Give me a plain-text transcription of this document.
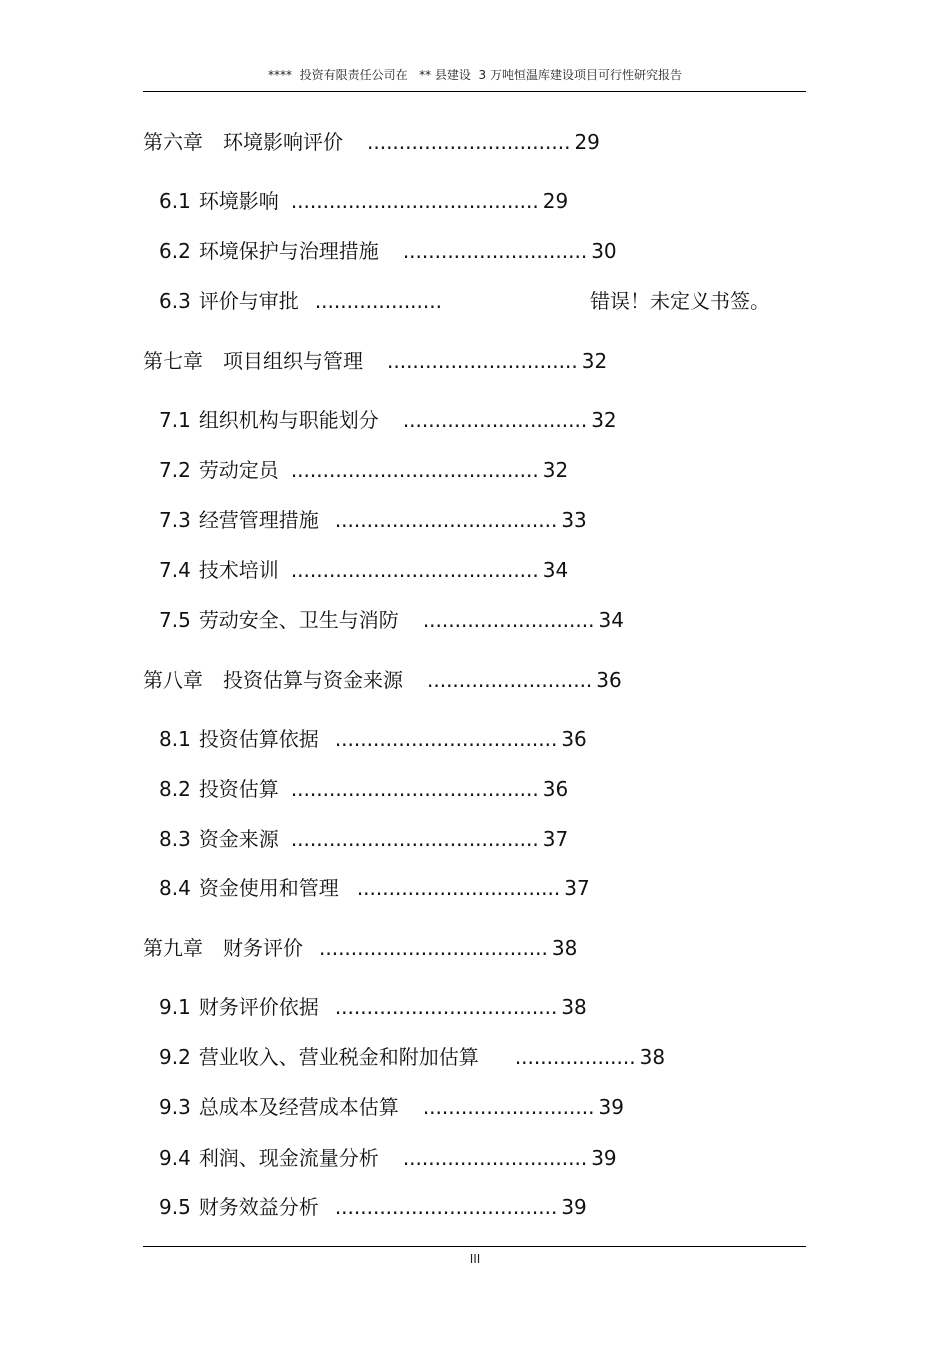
****  投资有限责任公司在   ** 县建设  3 万吨恒温库建设项目可行性研究报告
第六章 环境影响评价 ................................ 29
6.1 环境影响 ....................................... 29
6.2 环境保护与治理措施 ............................. 30
6.3 评价与审批 ....................	错误！未定义书签。
第七章 项目组织与管理 .............................. 32
7.1 组织机构与职能划分 ............................. 32
7.2 劳动定员 ....................................... 32
7.3 经营管理措施 ................................... 33
7.4 技术培训 ....................................... 34
7.5 劳动安全、卫生与消防 ........................... 34
第八章 投资估算与资金来源 .......................... 36
8.1 投资估算依据 ................................... 36
8.2 投资估算 ....................................... 36
8.3 资金来源 ....................................... 37
8.4 资金使用和管理 ................................ 37
第九章 财务评价 .................................... 38
9.1 财务评价依据 ................................... 38
9.2 营业收入、营业税金和附加估算 ................... 38
9.3 总成本及经营成本估算 ........................... 39
9.4 利润、现金流量分析 ............................. 39
9.5 财务效益分析 ................................... 39
III
